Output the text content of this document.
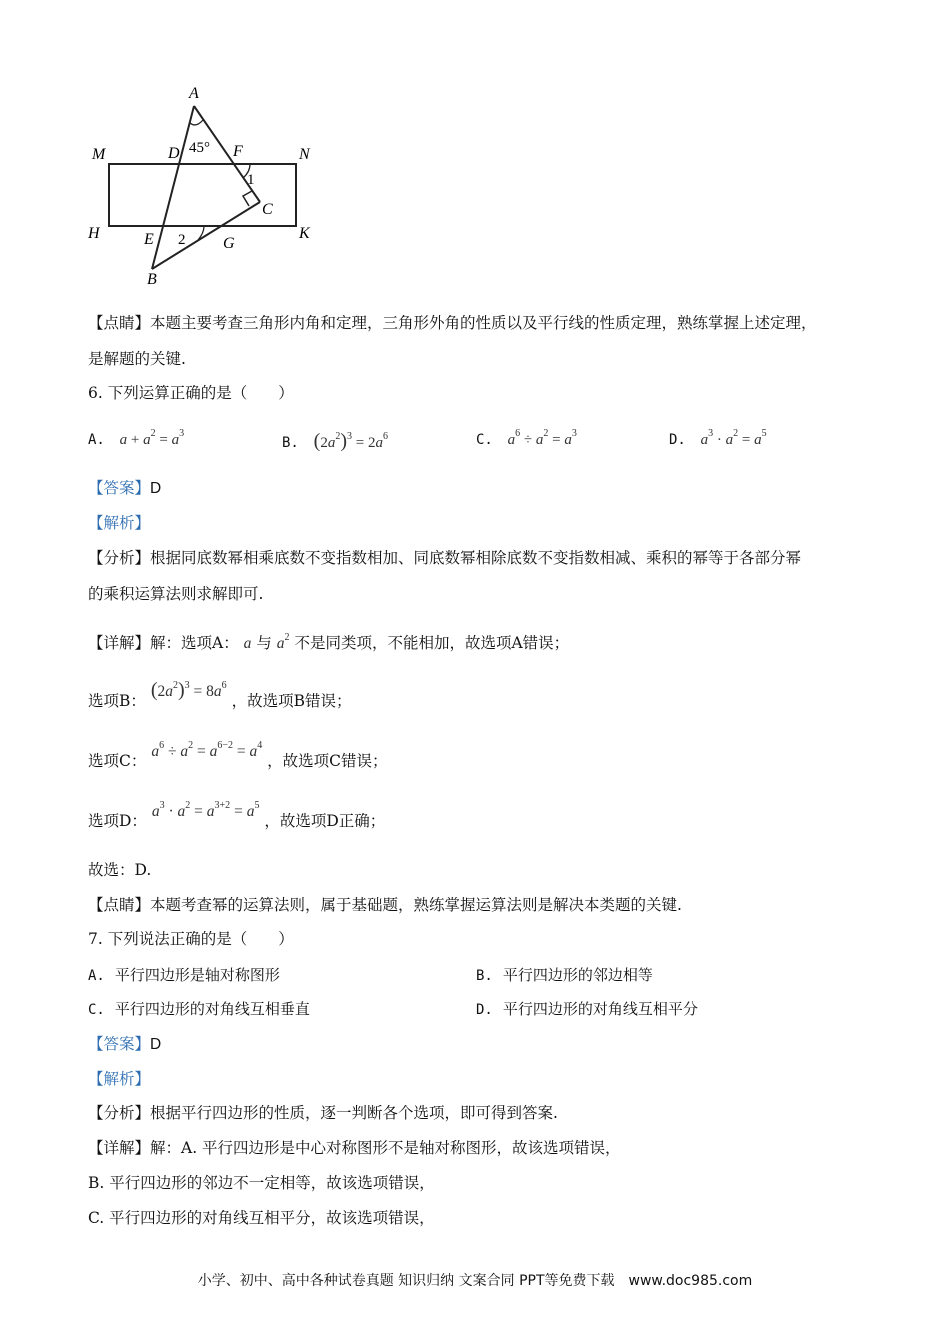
A
D 45° F
M	N
1
C
H	E 2 G
K
B
【点睛】本题主要考查三角形内角和定理，三角形外角的性质以及平行线的性质定理，熟练掌握上述定理，
是解题的关键.
6. 下列运算正确的是（　　）
A. $a + a^2 = a^3$
B. $(2a^2)^3 = 2a^6$	C. $a^6 \div a^2 = a^3$	D. $a^3 \cdot a^2 = a^5$
【答案】D
【解析】
【分析】根据同底数幂相乘底数不变指数相加、同底数幂相除底数不变指数相减、乘积的幂等于各部分幂
的乘积运算法则求解即可.
【详解】解：选项A： a 与 $a^2$ 不是同类项，不能相加，故选项A错误；
选项B： $(2a^2)^3 = 8a^6$ ，故选项B错误；
选项C： $a^6 \div a^2 = a^{6-2} = a^4$ ，故选项C错误；
选项D： $a^3 \cdot a^2 = a^{3+2} = a^5$ ，故选项D正确；
故选：D.
【点睛】本题考查幂的运算法则，属于基础题，熟练掌握运算法则是解决本类题的关键.
7. 下列说法正确的是（　　）
A. 平行四边形是轴对称图形	B. 平行四边形的邻边相等
C. 平行四边形的对角线互相垂直	D. 平行四边形的对角线互相平分
【答案】D
【解析】
【分析】根据平行四边形的性质，逐一判断各个选项，即可得到答案.
【详解】解：A. 平行四边形是中心对称图形不是轴对称图形，故该选项错误，
B. 平行四边形的邻边不一定相等，故该选项错误，
C. 平行四边形的对角线互相平分，故该选项错误，
小学、初中、高中各种试卷真题 知识归纳 文案合同 PPT等免费下载　www.doc985.com
